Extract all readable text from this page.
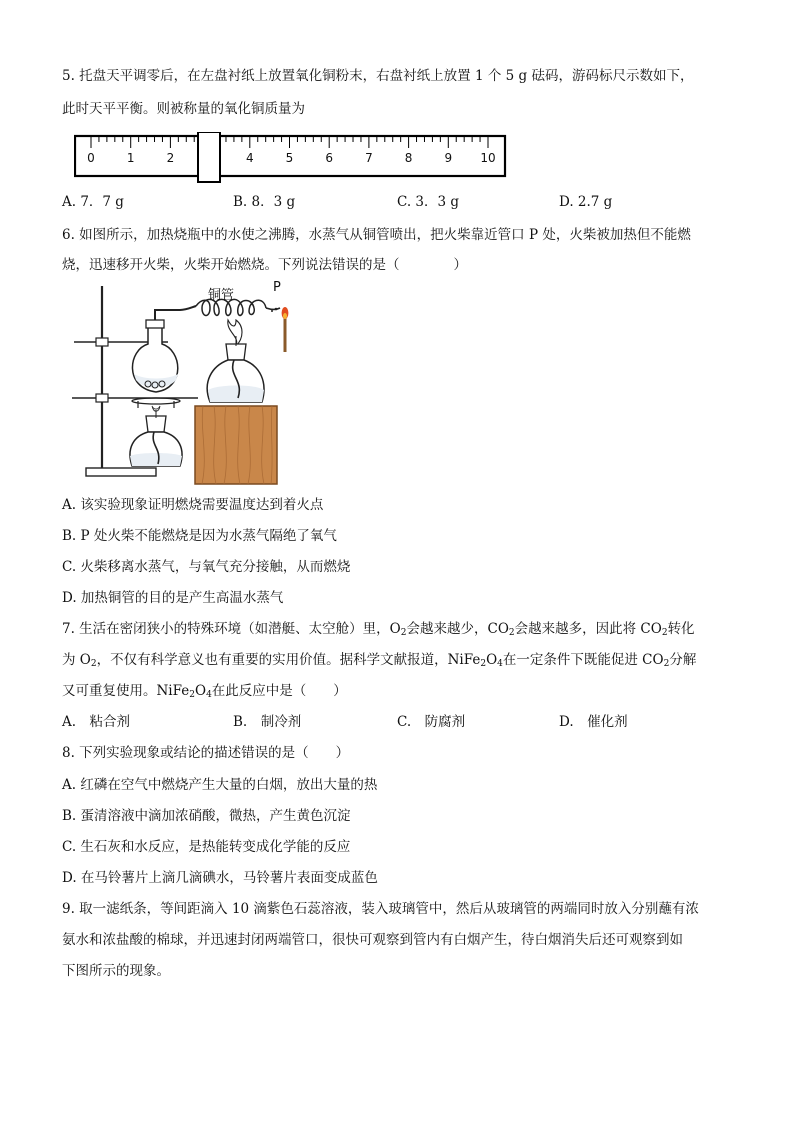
5. 托盘天平调零后，在左盘衬纸上放置氧化铜粉末，右盘衬纸上放置 1 个 5 g 砝码，游码标尺示数如下，
此时天平平衡。则被称量的氧化铜质量为
0	1	2	4	5	6	7	8	9 10
A. 7．7 g	B. 8．3 g	C. 3．3 g	D. 2.7 g
6. 如图所示，加热烧瓶中的水使之沸腾，水蒸气从铜管喷出，把火柴靠近管口 P 处，火柴被加热但不能燃
烧，迅速移开火柴，火柴开始燃烧。下列说法错误的是（　　　　）
铜管
P
A. 该实验现象证明燃烧需要温度达到着火点
B. P 处火柴不能燃烧是因为水蒸气隔绝了氧气
C. 火柴移离水蒸气，与氧气充分接触，从而燃烧
D. 加热铜管的目的是产生高温水蒸气
7. 生活在密闭狭小的特殊环境（如潜艇、太空舱）里，$O_2$会越来越少，$CO_2$会越来越多，因此将 $CO_2$转化
为 $O_2$，不仅有科学意义也有重要的实用价值。据科学文献报道，$NiFe_2O_4$在一定条件下既能促进 $CO_2$分解
又可重复使用。$NiFe_2O_4$在此反应中是（　　）
A.　粘合剂	B.　制冷剂	C.　防腐剂	D.　催化剂
8. 下列实验现象或结论的描述错误的是（　　）
A. 红磷在空气中燃烧产生大量的白烟，放出大量的热
B. 蛋清溶液中滴加浓硝酸，微热，产生黄色沉淀
C. 生石灰和水反应，是热能转变成化学能的反应
D. 在马铃薯片上滴几滴碘水，马铃薯片表面变成蓝色
9. 取一滤纸条，等间距滴入 10 滴紫色石蕊溶液，装入玻璃管中，然后从玻璃管的两端同时放入分别蘸有浓
氨水和浓盐酸的棉球，并迅速封闭两端管口，很快可观察到管内有白烟产生，待白烟消失后还可观察到如
下图所示的现象。
